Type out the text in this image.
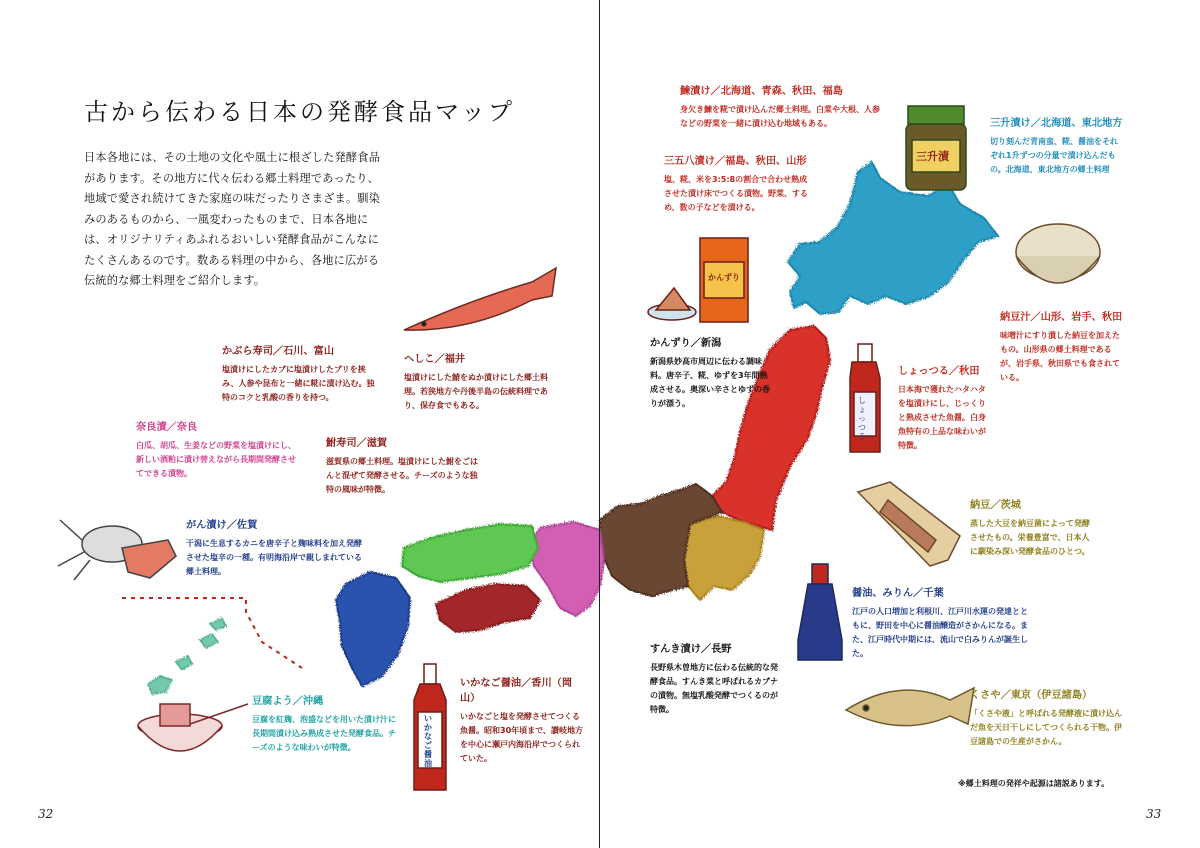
古から伝わる日本の発酵食品マップ
日本各地には、その土地の文化や風土に根ざした発酵食品があります。その地方に代々伝わる郷土料理であったり、地域で愛され続けてきた家庭の味だったりさまざま。馴染みのあるものから、一風変わったものまで、日本各地には、オリジナリティあふれるおいしい発酵食品がこんなにたくさんあるのです。数ある料理の中から、各地に広がる伝統的な郷土料理をご紹介します。
かぶら寿司／石川、富山
塩漬けにしたカブに塩漬けしたブリを挟み、人参や昆布と一緒に糀に漬け込む。独特のコクと乳酸の香りを持つ。
へしこ／福井
塩漬けにした鯖をぬか漬けにした郷土料理。若狭地方や丹後半島の伝統料理であり、保存食でもある。
奈良漬／奈良
白瓜、胡瓜、生姜などの野菜を塩漬けにし、新しい酒粕に漬け替えながら長期間発酵させてできる漬物。
鮒寿司／滋賀
滋賀県の郷土料理。塩漬けにした鮒をごはんと混ぜて発酵させる。チーズのような独特の風味が特徴。
がん漬け／佐賀
干潟に生息するカニを唐辛子と麹味料を加え発酵させた塩辛の一種。有明海沿岸で親しまれている郷土料理。
豆腐よう／沖縄
豆腐を紅麹、泡盛などを用いた漬け汁に長期間漬け込み熟成させた発酵食品。チーズのような味わいが特徴。
いかなご醤油／香川（岡山）
いかなごと塩を発酵させてつくる魚醤。昭和30年頃まで、讃岐地方を中心に瀬戸内海沿岸でつくられていた。
かんずり／新潟
新潟県妙高市周辺に伝わる調味料。唐辛子、糀、ゆずを3年間熟成させる。奥深い辛さとゆずの香りが漂う。
すんき漬け／長野
長野県木曽地方に伝わる伝統的な発酵食品。すんき菜と呼ばれるカブナの漬物。無塩乳酸発酵でつくるのが特徴。
鰊漬け／北海道、青森、秋田、福島
身欠き鰊を糀で漬け込んだ郷土料理。白菜や大根、人参などの野菜を一緒に漬け込む地域もある。
三五八漬け／福島、秋田、山形
塩、糀、米を3:5:8の割合で合わせ熟成させた漬け床でつくる漬物。野菜、するめ、数の子などを漬ける。
三升漬け／北海道、東北地方
切り刻んだ青南蛮、糀、醤油をそれぞれ1升ずつの分量で漬け込んだもの。北海道、東北地方の郷土料理
納豆汁／山形、岩手、秋田
味噌汁にすり潰した納豆を加えたもの。山形県の郷土料理であるが、岩手県、秋田県でも食されている。
しょっつる／秋田
日本海で獲れたハタハタを塩漬けにし、じっくりと熟成させた魚醤。白身魚特有の上品な味わいが特徴。
納豆／茨城
蒸した大豆を納豆菌によって発酵させたもの。栄養豊富で、日本人に馴染み深い発酵食品のひとつ。
醤油、みりん／千葉
江戸の人口増加と利根川、江戸川水運の発達とともに、野田を中心に醤油醸造がさかんになる。また、江戸時代中期には、流山で白みりんが誕生した。
くさや／東京（伊豆諸島）
「くさや液」と呼ばれる発酵液に漬け込んだ魚を天日干しにしてつくられる干物。伊豆諸島での生産がさかん。
※郷土料理の発祥や起源は諸説あります。
32	33
三升漬
かんずり
しょっつる
いかなご醤油
